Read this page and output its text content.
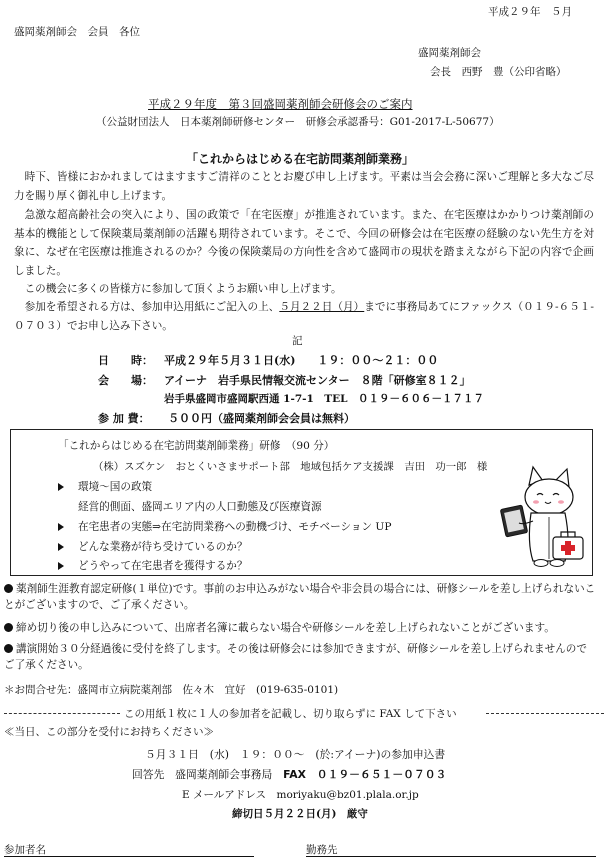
平成２９年　５月
盛岡薬剤師会　会員　各位
盛岡薬剤師会
会長　西野　豊（公印省略）
平成２９年度　第３回盛岡薬剤師会研修会のご案内
（公益財団法人　日本薬剤師研修センター　研修会承認番号：G01-2017-L-50677）
「これからはじめる在宅訪問薬剤師業務」
時下、皆様におかれましてはますますご清祥のこととお慶び申し上げます。平素は当会会務に深いご理解と多大なご尽力を賜り厚く御礼申し上げます。
急激な超高齢社会の突入により、国の政策で「在宅医療」が推進されています。また、在宅医療はかかりつけ薬剤師の基本的機能として保険薬局薬剤師の活躍も期待されています。そこで、今回の研修会は在宅医療の経験のない先生方を対象に、なぜ在宅医療は推進されるのか？今後の保険薬局の方向性を含めて盛岡市の現状を踏まえながら下記の内容で企画しました。
この機会に多くの皆様方に参加して頂くようお願い申し上げます。
参加を希望される方は、参加申込用紙にご記入の上、５月２２日（月）までに事務局あてにファックス（０１９-６５１-０７０３）でお申し込み下さい。
記
日　　時： 平成２９年５月３１日(水)　　１９：００～２１：００
会　　場： アイーナ　岩手県民情報交流センター　８階「研修室８１２」
岩手県盛岡市盛岡駅西通 1-7-1　TEL　０１９－６０６－１７１７
参 加 費： ５００円（盛岡薬剤師会会員は無料）
「これからはじめる在宅訪問薬剤師業務」研修　（90 分）
（株）スズケン　おとくいさまサポート部　地域包括ケア支援課　吉田　功一郎　様
環境～国の政策
経営的側面、盛岡エリア内の人口動態及び医療資源
在宅患者の実態⇒在宅訪問業務への動機づけ、モチベーション UP
どんな業務が待ち受けているのか？
どうやって在宅患者を獲得するか？
薬剤師生涯教育認定研修(１単位)です。事前のお申込みがない場合や非会員の場合には、研修シールを差し上げられないことがございますので、ご了承ください。
締め切り後の申し込みについて、出席者名簿に載らない場合や研修シールを差し上げられないことがございます。
講演開始３０分経過後に受付を終了します。その後は研修会には参加できますが、研修シールを差し上げられませんのでご了承ください。
＊お問合せ先：盛岡市立病院薬剤部　佐々木　宜好　(019-635-0101)
この用紙１枚に１人の参加者を記載し、切り取らずに FAX して下さい
≪当日、この部分を受付にお持ちください≫
５月３１日　(水)　１９：００～　(於:アイーナ)の参加申込書
回答先　盛岡薬剤師会事務局　 FAX　 ０１９－６５１－０７０３
E メールアドレス　 moriyaku@bz01.plala.or.jp
締切日５月２２日(月)　厳守
参加者名	勤務先
